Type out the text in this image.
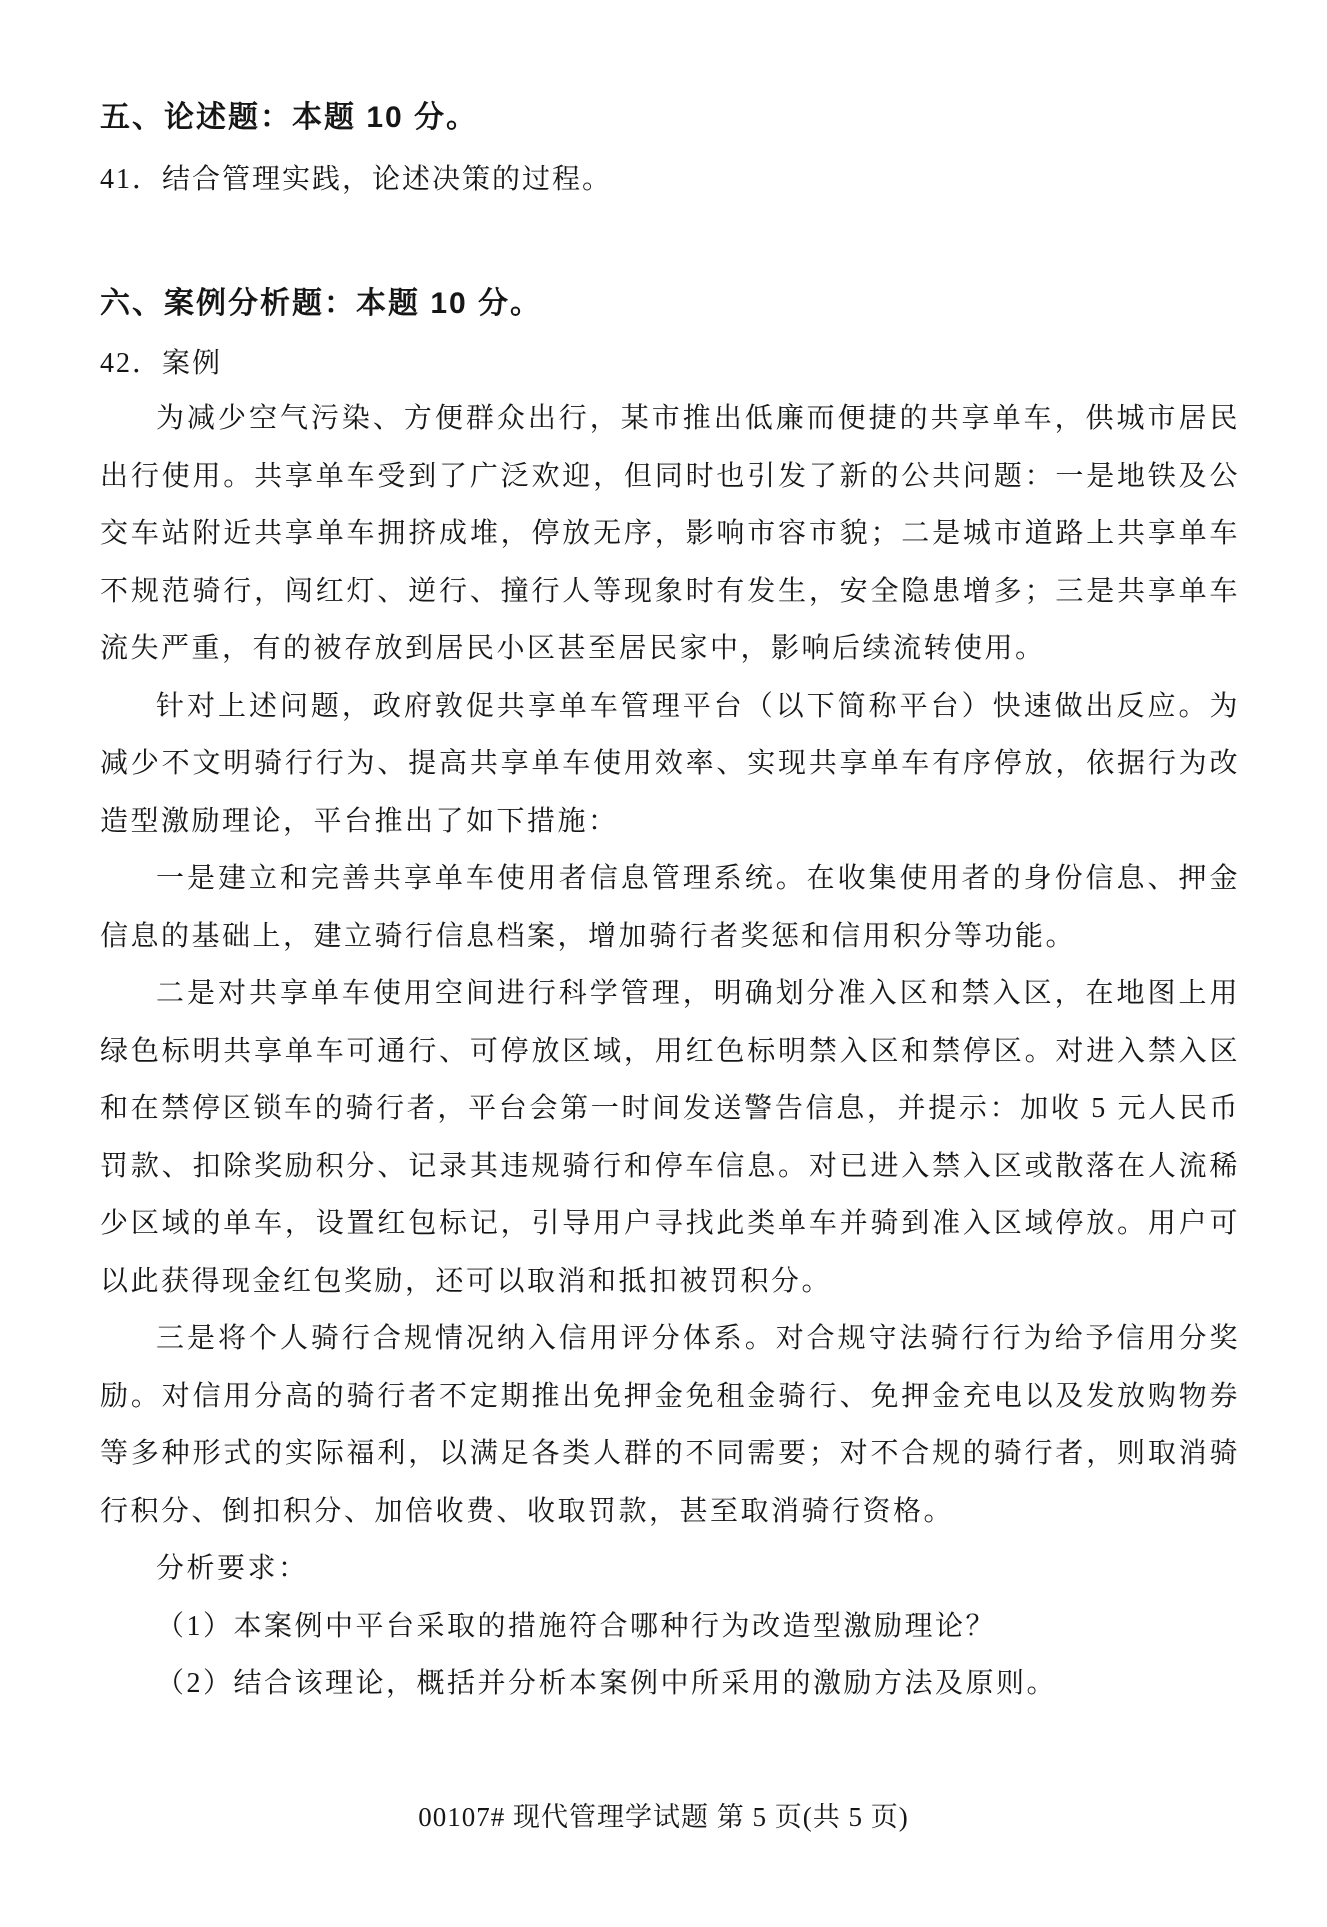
五、论述题：本题 10 分。

41．结合管理实践，论述决策的过程。

六、案例分析题：本题 10 分。

42．案例

为减少空气污染、方便群众出行，某市推出低廉而便捷的共享单车，供城市居民出行使用。共享单车受到了广泛欢迎，但同时也引发了新的公共问题：一是地铁及公交车站附近共享单车拥挤成堆，停放无序，影响市容市貌；二是城市道路上共享单车不规范骑行，闯红灯、逆行、撞行人等现象时有发生，安全隐患增多；三是共享单车流失严重，有的被存放到居民小区甚至居民家中，影响后续流转使用。

针对上述问题，政府敦促共享单车管理平台（以下简称平台）快速做出反应。为减少不文明骑行行为、提高共享单车使用效率、实现共享单车有序停放，依据行为改造型激励理论，平台推出了如下措施：

一是建立和完善共享单车使用者信息管理系统。在收集使用者的身份信息、押金信息的基础上，建立骑行信息档案，增加骑行者奖惩和信用积分等功能。

二是对共享单车使用空间进行科学管理，明确划分准入区和禁入区，在地图上用绿色标明共享单车可通行、可停放区域，用红色标明禁入区和禁停区。对进入禁入区和在禁停区锁车的骑行者，平台会第一时间发送警告信息，并提示：加收 5 元人民币罚款、扣除奖励积分、记录其违规骑行和停车信息。对已进入禁入区或散落在人流稀少区域的单车，设置红包标记，引导用户寻找此类单车并骑到准入区域停放。用户可以此获得现金红包奖励，还可以取消和抵扣被罚积分。

三是将个人骑行合规情况纳入信用评分体系。对合规守法骑行行为给予信用分奖励。对信用分高的骑行者不定期推出免押金免租金骑行、免押金充电以及发放购物券等多种形式的实际福利，以满足各类人群的不同需要；对不合规的骑行者，则取消骑行积分、倒扣积分、加倍收费、收取罚款，甚至取消骑行资格。

分析要求：

（1）本案例中平台采取的措施符合哪种行为改造型激励理论？

（2）结合该理论，概括并分析本案例中所采用的激励方法及原则。

00107# 现代管理学试题 第 5 页(共 5 页)
